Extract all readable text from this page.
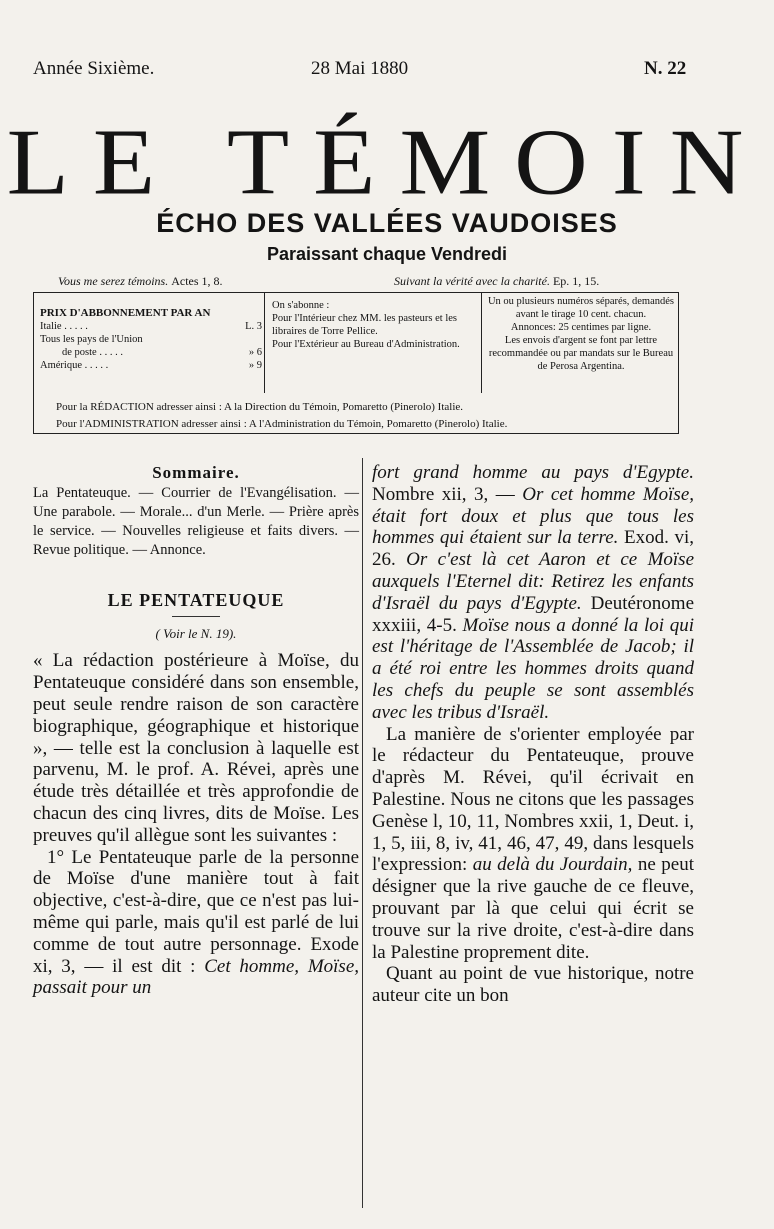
Année Sixième.	28 Mai 1880	N. 22
LE TÉMOIN
ÉCHO DES VALLÉES VAUDOISES
Paraissant chaque Vendredi
Vous me serez témoins. Actes 1, 8.	Suivant la vérité avec la charité. Ep. 1, 15.
PRIX D'ABBONNEMENT PAR AN
Italie . . . . .	L. 3
Tous les pays de l'Union
de poste . . . . .	» 6
Amérique . . . . .	» 9
On s'abonne :
Pour l'Intérieur chez MM. les pasteurs et les libraires de Torre Pellice.
Pour l'Extérieur au Bureau d'Administration.
Un ou plusieurs numéros séparés, demandés avant le tirage 10 cent. chacun.
Annonces: 25 centimes par ligne.
Les envois d'argent se font par lettre recommandée ou par mandats sur le Bureau de Perosa Argentina.
Pour la RÉDACTION adresser ainsi : A la Direction du Témoin, Pomaretto (Pinerolo) Italie.
Pour l'ADMINISTRATION adresser ainsi : A l'Administration du Témoin, Pomaretto (Pinerolo) Italie.
Sommaire.
La Pentateuque. — Courrier de l'Evangélisation. — Une parabole. — Morale... d'un Merle. — Prière après le service. — Nouvelles religieuse et faits divers. — Revue politique. — Annonce.
LE PENTATEUQUE
( Voir le N. 19).
« La rédaction postérieure à Moïse, du Pentateuque considéré dans son ensemble, peut seule rendre raison de son caractère biographique, géographique et historique », — telle est la conclusion à laquelle est parvenu, M. le prof. A. Révei, après une étude très détaillée et très approfondie de chacun des cinq livres, dits de Moïse. Les preuves qu'il allègue sont les suivantes :
1° Le Pentateuque parle de la personne de Moïse d'une manière tout à fait objective, c'est-à-dire, que ce n'est pas lui-même qui parle, mais qu'il est parlé de lui comme de tout autre personnage. Exode xi, 3, — il est dit : Cet homme, Moïse, passait pour un
fort grand homme au pays d'Egypte. Nombre xii, 3, — Or cet homme Moïse, était fort doux et plus que tous les hommes qui étaient sur la terre. Exod. vi, 26. Or c'est là cet Aaron et ce Moïse auxquels l'Eternel dit: Retirez les enfants d'Israël du pays d'Egypte. Deutéronome xxxiii, 4-5. Moïse nous a donné la loi qui est l'héritage de l'Assemblée de Jacob; il a été roi entre les hommes droits quand les chefs du peuple se sont assemblés avec les tribus d'Israël.
La manière de s'orienter employée par le rédacteur du Pentateuque, prouve d'après M. Révei, qu'il écrivait en Palestine. Nous ne citons que les passages Genèse l, 10, 11, Nombres xxii, 1, Deut. i, 1, 5, iii, 8, iv, 41, 46, 47, 49, dans lesquels l'expression: au delà du Jourdain, ne peut désigner que la rive gauche de ce fleuve, prouvant par là que celui qui écrit se trouve sur la rive droite, c'est-à-dire dans la Palestine proprement dite.
Quant au point de vue historique, notre auteur cite un bon
